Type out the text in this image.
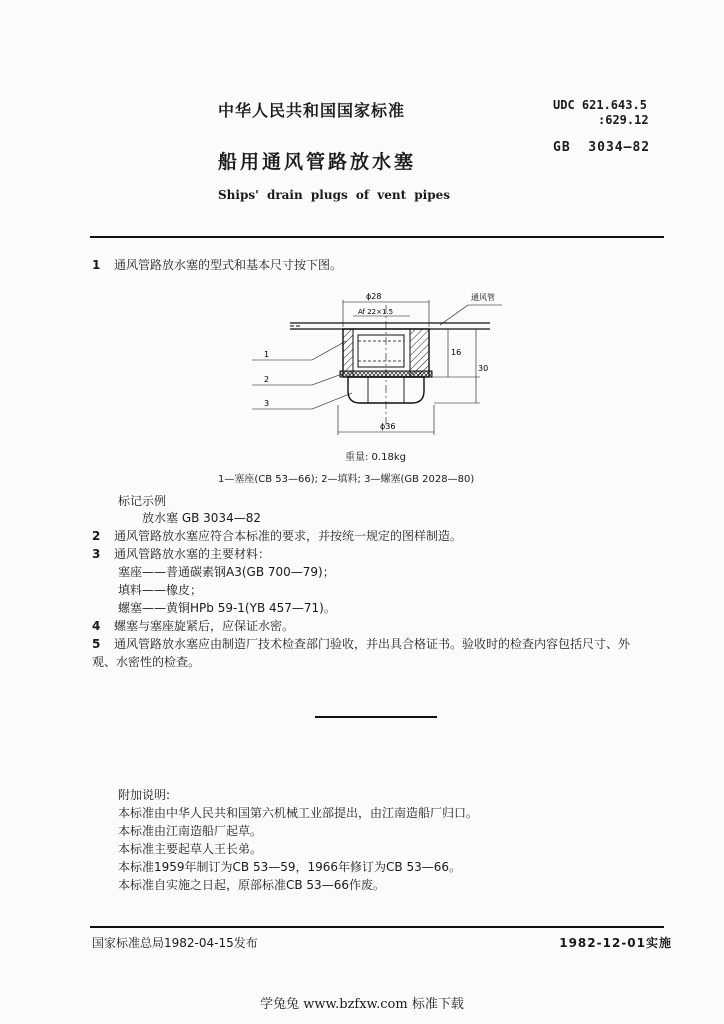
中华人民共和国国家标准	UDC 621.643.5
:629.12
GB  3034—82
船用通风管路放水塞
Ships' drain plugs of vent pipes
1 通风管路放水塞的型式和基本尺寸按下图。
ϕ28
Af 22×1.5
16
30
通风管
1
2
3
ϕ36
重量: 0.18kg
1—塞座(CB 53—66); 2—填料; 3—螺塞(GB 2028—80)
标记示例
放水塞 GB 3034—82
2 通风管路放水塞应符合本标准的要求，并按统一规定的图样制造。
3 通风管路放水塞的主要材料：
塞座——普通碳素钢A3(GB 700—79)；
填料——橡皮；
螺塞——黄铜HPb 59-1(YB 457—71)。
4 螺塞与塞座旋紧后，应保证水密。
5 通风管路放水塞应由制造厂技术检查部门验收，并出具合格证书。验收时的检查内容包括尺寸、外
观、水密性的检查。
附加说明:
本标准由中华人民共和国第六机械工业部提出，由江南造船厂归口。
本标准由江南造船厂起草。
本标准主要起草人王长弟。
本标准1959年制订为CB 53—59，1966年修订为CB 53—66。
本标准自实施之日起，原部标准CB 53—66作废。
国家标准总局1982-04-15发布	1982-12-01实施
学兔兔 www.bzfxw.com 标准下载
